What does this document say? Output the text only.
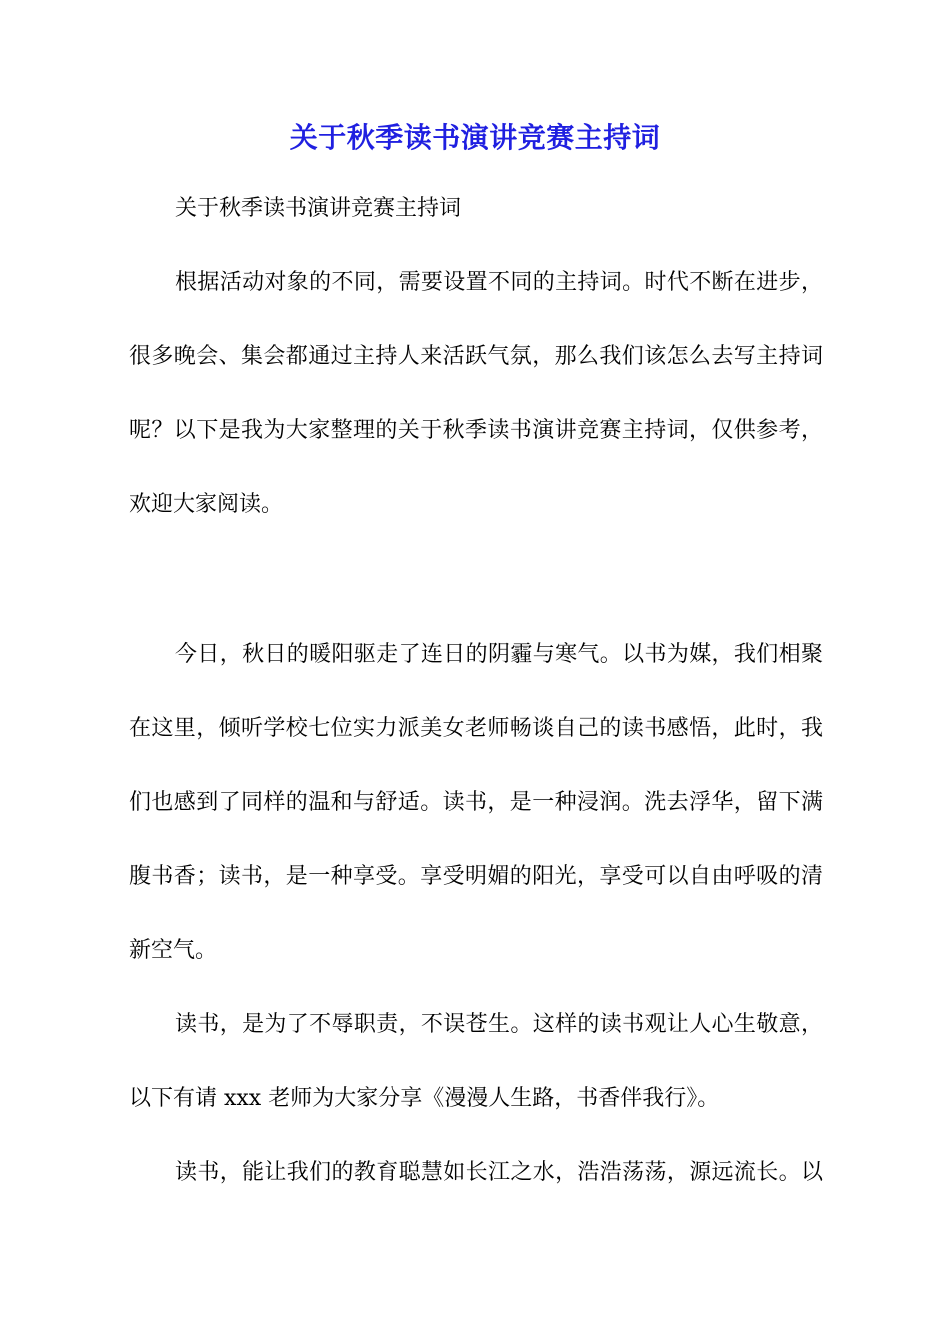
关于秋季读书演讲竞赛主持词
关于秋季读书演讲竞赛主持词
根据活动对象的不同，需要设置不同的主持词。时代不断在进步，
很多晚会、集会都通过主持人来活跃气氛，那么我们该怎么去写主持词
呢？以下是我为大家整理的关于秋季读书演讲竞赛主持词，仅供参考，
欢迎大家阅读。
今日，秋日的暖阳驱走了连日的阴霾与寒气。以书为媒，我们相聚
在这里，倾听学校七位实力派美女老师畅谈自己的读书感悟，此时，我
们也感到了同样的温和与舒适。读书，是一种浸润。洗去浮华，留下满
腹书香；读书，是一种享受。享受明媚的阳光，享受可以自由呼吸的清
新空气。
读书，是为了不辱职责，不误苍生。这样的读书观让人心生敬意，
以下有请 xxx 老师为大家分享《漫漫人生路，书香伴我行》。
读书，能让我们的教育聪慧如长江之水，浩浩荡荡，源远流长。以
